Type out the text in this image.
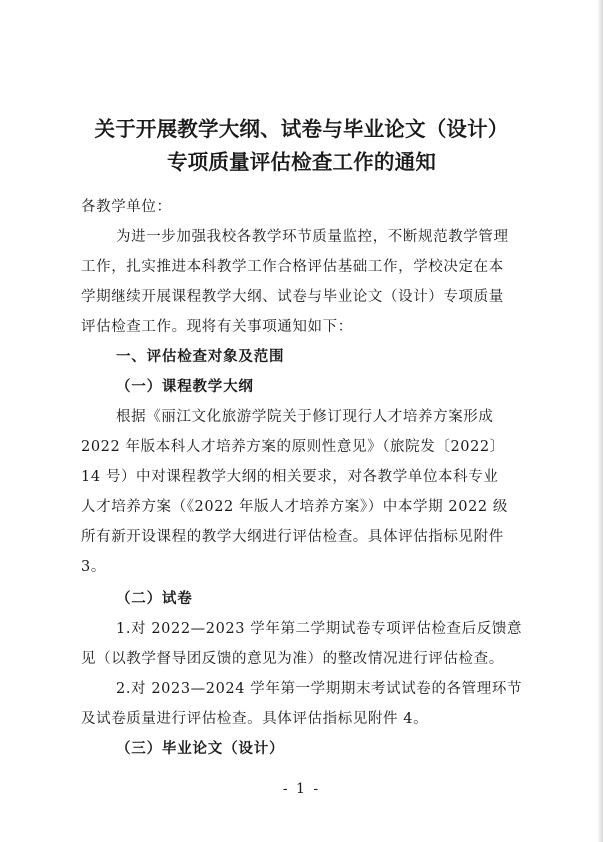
关于开展教学大纲、试卷与毕业论文（设计）
专项质量评估检查工作的通知
各教学单位：
为进一步加强我校各教学环节质量监控，不断规范教学管理
工作，扎实推进本科教学工作合格评估基础工作，学校决定在本
学期继续开展课程教学大纲、试卷与毕业论文（设计）专项质量
评估检查工作。现将有关事项通知如下：
一、评估检查对象及范围
（一）课程教学大纲
根据《丽江文化旅游学院关于修订现行人才培养方案形成
2022 年版本科人才培养方案的原则性意见》（旅院发〔2022〕
14 号）中对课程教学大纲的相关要求，对各教学单位本科专业
人才培养方案（《2022 年版人才培养方案》）中本学期 2022 级
所有新开设课程的教学大纲进行评估检查。具体评估指标见附件
3。
（二）试卷
1.对 2022—2023 学年第二学期试卷专项评估检查后反馈意
见（以教学督导团反馈的意见为准）的整改情况进行评估检查。
2.对 2023—2024 学年第一学期期末考试试卷的各管理环节
及试卷质量进行评估检查。具体评估指标见附件 4。
（三）毕业论文（设计）
- 1 -
